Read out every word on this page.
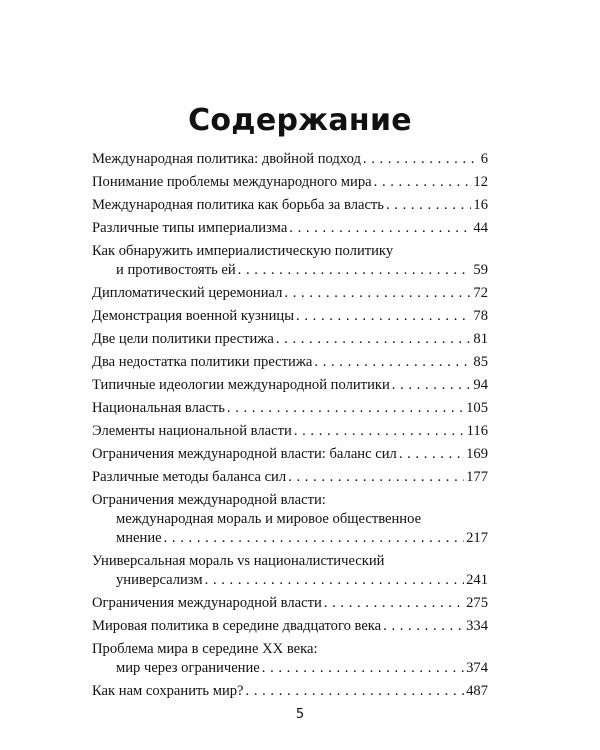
Содержание
Международная политика: двойной подход . . .	6
Понимание проблемы международного мира . . .	12
Международная политика как борьба за власть . . .	16
Различные типы империализма . . .	44
Как обнаружить империалистическую политику
и противостоять ей . . .	59
Дипломатический церемониал . . .	72
Демонстрация военной кузницы . . .	78
Две цели политики престижа . . .	81
Два недостатка политики престижа . . .	85
Типичные идеологии международной политики . . .	94
Национальная власть . . .	105
Элементы национальной власти . . .	116
Ограничения международной власти: баланс сил . . .	169
Различные методы баланса сил . . .	177
Ограничения международной власти:
международная мораль и мировое общественное
мнение . . .	217
Универсальная мораль vs националистический
универсализм . . .	241
Ограничения международной власти . . .	275
Мировая политика в середине двадцатого века . . .	334
Проблема мира в середине XX века:
мир через ограничение . . .	374
Как нам сохранить мир? . . .	487
5
